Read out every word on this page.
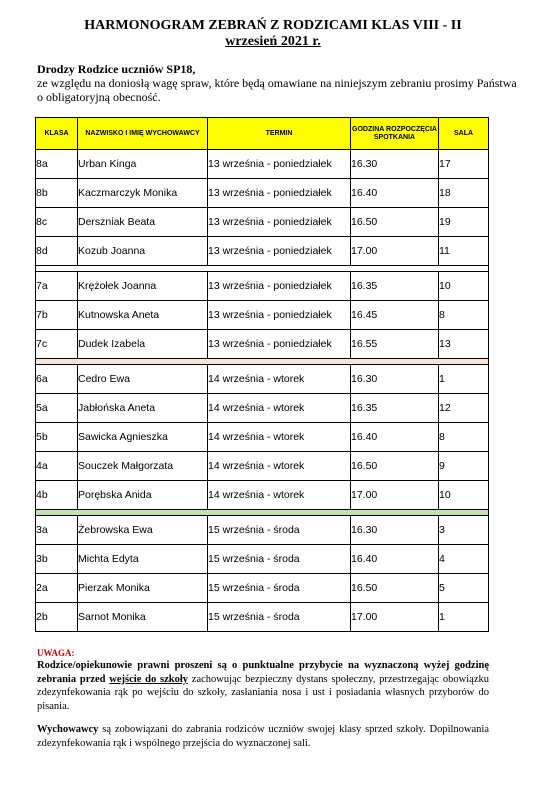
HARMONOGRAM ZEBRAŃ Z RODZICAMI KLAS VIII - II
wrzesień 2021 r.
Drodzy Rodzice uczniów SP18,
ze względu na doniosłą wagę spraw, które będą omawiane na niniejszym zebraniu prosimy Państwa o obligatoryjną obecność.
KLASA	NAZWISKO I IMIĘ WYCHOWAWCY	TERMIN	GODZINA ROZPOCZĘCIA SPOTKANIA	SALA
8a	Urban Kinga	13 września - poniedziałek	16.30	17
8b	Kaczmarczyk Monika	13 września - poniedziałek	16.40	18
8c	Derszniak Beata	13 września - poniedziałek	16.50	19
8d	Kozub Joanna	13 września - poniedziałek	17.00	11

7a	Krężołek Joanna	13 września - poniedziałek	16.35	10
7b	Kutnowska Aneta	13 września - poniedziałek	16.45	8
7c	Dudek Izabela	13 września - poniedziałek	16.55	13

6a	Cedro Ewa	14 września - wtorek	16.30	1
5a	Jabłońska Aneta	14 września - wtorek	16.35	12
5b	Sawicka Agnieszka	14 września - wtorek	16.40	8
4a	Souczek Małgorzata	14 września - wtorek	16.50	9
4b	Porębska Anida	14 września - wtorek	17.00	10

3a	Żebrowska Ewa	15 września - środa	16.30	3
3b	Michta Edyta	15 września - środa	16.40	4
2a	Pierzak Monika	15 września - środa	16.50	5
2b	Sarnot Monika	15 września - środa	17.00	1
UWAGA:

Rodzice/opiekunowie prawni proszeni są o punktualne przybycie na wyznaczoną wyżej godzinę zebrania przed wejście do szkoły zachowując bezpieczny dystans społeczny, przestrzegając obowiązku zdezynfekowania rąk po wejściu do szkoły, zasłaniania nosa i ust i posiadania własnych przyborów do pisania.

Wychowawcy są zobowiązani do zabrania rodziców uczniów swojej klasy sprzed szkoły. Dopilnowania zdezynfekowania rąk i wspólnego przejścia do wyznaczonej sali.
